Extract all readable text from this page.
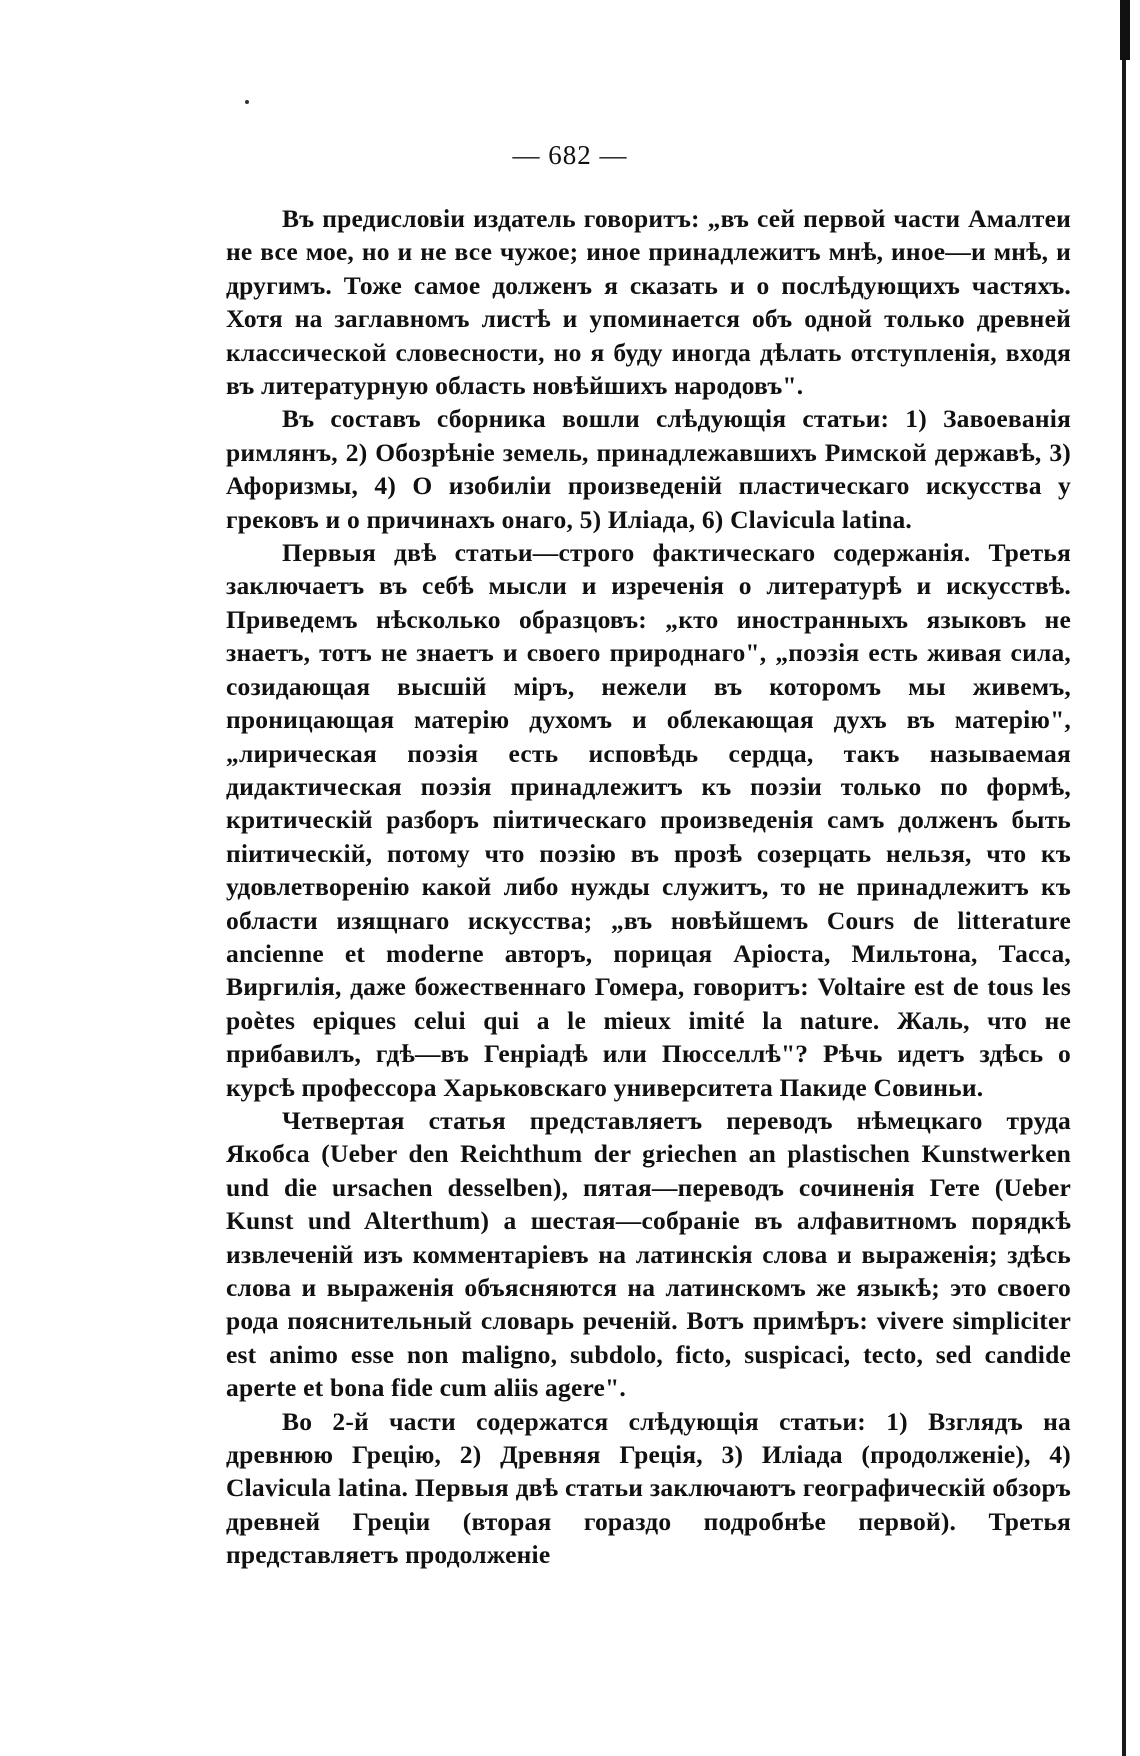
— 682 —

Въ предисловіи издатель говоритъ: „въ сей первой части Амалтеи не все мое, но и не все чужое; иное принадлежитъ мнѣ, иное—и мнѣ, и другимъ. Тоже самое долженъ я сказать и о послѣдующихъ частяхъ. Хотя на заглавномъ листѣ и упоминается объ одной только древней классической словесности, но я буду иногда дѣлать отступленія, входя въ литературную область новѣйшихъ народовъ".

Въ составъ сборника вошли слѣдующія статьи: 1) Завоеванія римлянъ, 2) Обозрѣніе земель, принадлежавшихъ Римской державѣ, 3) Афоризмы, 4) О изобиліи произведеній пластическаго искусства у грековъ и о причинахъ онаго, 5) Иліада, 6) Clavicula latina.

Первыя двѣ статьи—строго фактическаго содержанія. Третья заключаетъ въ себѣ мысли и изреченія о литературѣ и искусствѣ. Приведемъ нѣсколько образцовъ: „кто иностранныхъ языковъ не знаетъ, тотъ не знаетъ и своего природнаго", „поэзія есть живая сила, созидающая высшій міръ, нежели въ которомъ мы живемъ, проницающая матерію духомъ и облекающая духъ въ матерію", „лирическая поэзія есть исповѣдь сердца, такъ называемая дидактическая поэзія принадлежитъ къ поэзіи только по формѣ, критическій разборъ піитическаго произведенія самъ долженъ быть піитическій, потому что поэзію въ прозѣ созерцать нельзя, что къ удовлетворенію какой либо нужды служитъ, то не принадлежитъ къ области изящнаго искусства; „въ новѣйшемъ Cours de litterature ancienne et moderne авторъ, порицая Аріоста, Мильтона, Тасса, Виргилія, даже божественнаго Гомера, говоритъ: Voltaire est de tous les poètes epiques celui qui a le mieux imité la nature. Жаль, что не прибавилъ, гдѣ—въ Генріадѣ или Пюсселлѣ"? Рѣчь идетъ здѣсь о курсѣ профессора Харьковскаго университета Пакиде Совиньи.

Четвертая статья представляетъ переводъ нѣмецкаго труда Якобса (Ueber den Reichthum der griechen an plastischen Kunstwerken und die ursachen desselben), пятая—переводъ сочиненія Гете (Ueber Kunst und Alterthum) а шестая—собраніе въ алфавитномъ порядкѣ извлеченій изъ комментаріевъ на латинскія слова и выраженія; здѣсь слова и выраженія объясняются на латинскомъ же языкѣ; это своего рода пояснительный словарь реченій. Вотъ примѣръ: vivere simpliciter est animo esse non maligno, subdolo, ficto, suspicaci, tecto, sed candide aperte et bona fide cum aliis agere".

Во 2-й части содержатся слѣдующія статьи: 1) Взглядъ на древнюю Грецію, 2) Древняя Греція, 3) Иліада (продолженіе), 4) Clavicula latina. Первыя двѣ статьи заключаютъ географическій обзоръ древней Греціи (вторая гораздо подробнѣе первой). Третья представляетъ продолженіе
